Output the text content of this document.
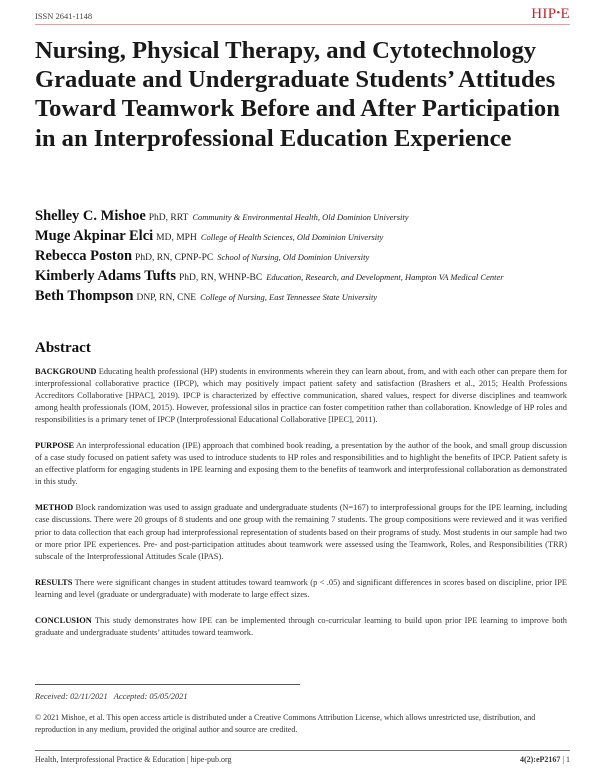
ISSN 2641-1148	HIP•E
Nursing, Physical Therapy, and Cytotechnology Graduate and Undergraduate Students’ Attitudes Toward Teamwork Before and After Participation in an Interprofessional Education Experience
Shelley C. Mishoe PhD, RRT Community & Environmental Health, Old Dominion University
Muge Akpinar Elci MD, MPH College of Health Sciences, Old Dominion University
Rebecca Poston PhD, RN, CPNP-PC School of Nursing, Old Dominion University
Kimberly Adams Tufts PhD, RN, WHNP-BC Education, Research, and Development, Hampton VA Medical Center
Beth Thompson DNP, RN, CNE College of Nursing, East Tennessee State University
Abstract

BACKGROUND Educating health professional (HP) students in environments wherein they can learn about, from, and with each other can prepare them for interprofessional collaborative practice (IPCP), which may positively impact patient safety and satisfaction (Brashers et al., 2015; Health Professions Accreditors Collaborative [HPAC], 2019). IPCP is characterized by effective communication, shared values, respect for diverse disciplines and teamwork among health professionals (IOM, 2015). However, professional silos in practice can foster competition rather than collaboration. Knowledge of HP roles and responsibilities is a primary tenet of IPCP (Interprofessional Educational Collaborative [IPEC], 2011).

PURPOSE An interprofessional education (IPE) approach that combined book reading, a presentation by the author of the book, and small group discussion of a case study focused on patient safety was used to introduce students to HP roles and responsibilities and to highlight the benefits of IPCP. Patient safety is an effective platform for engaging students in IPE learning and exposing them to the benefits of teamwork and interprofessional collaboration as demonstrated in this study.

METHOD Block randomization was used to assign graduate and undergraduate students (N=167) to interprofessional groups for the IPE learning, including case discussions. There were 20 groups of 8 students and one group with the remaining 7 students. The group compositions were reviewed and it was verified prior to data collection that each group had interprofessional representation of students based on their programs of study. Most students in our sample had two or more prior IPE experiences. Pre- and post-participation attitudes about teamwork were assessed using the Teamwork, Roles, and Responsibilities (TRR) subscale of the Interprofessional Attitudes Scale (IPAS).

RESULTS There were significant changes in student attitudes toward teamwork (p < .05) and significant differences in scores based on discipline, prior IPE learning and level (graduate or undergraduate) with moderate to large effect sizes.

CONCLUSION This study demonstrates how IPE can be implemented through co-curricular learning to build upon prior IPE learning to improve both graduate and undergraduate students’ attitudes toward teamwork.

Received: 02/11/2021 Accepted: 05/05/2021
© 2021 Mishoe, et al. This open access article is distributed under a Creative Commons Attribution License, which allows unrestricted use, distribution, and reproduction in any medium, provided the original author and source are credited.
Health, Interprofessional Practice & Education | hipe-pub.org	4(2):eP2167 | 1
